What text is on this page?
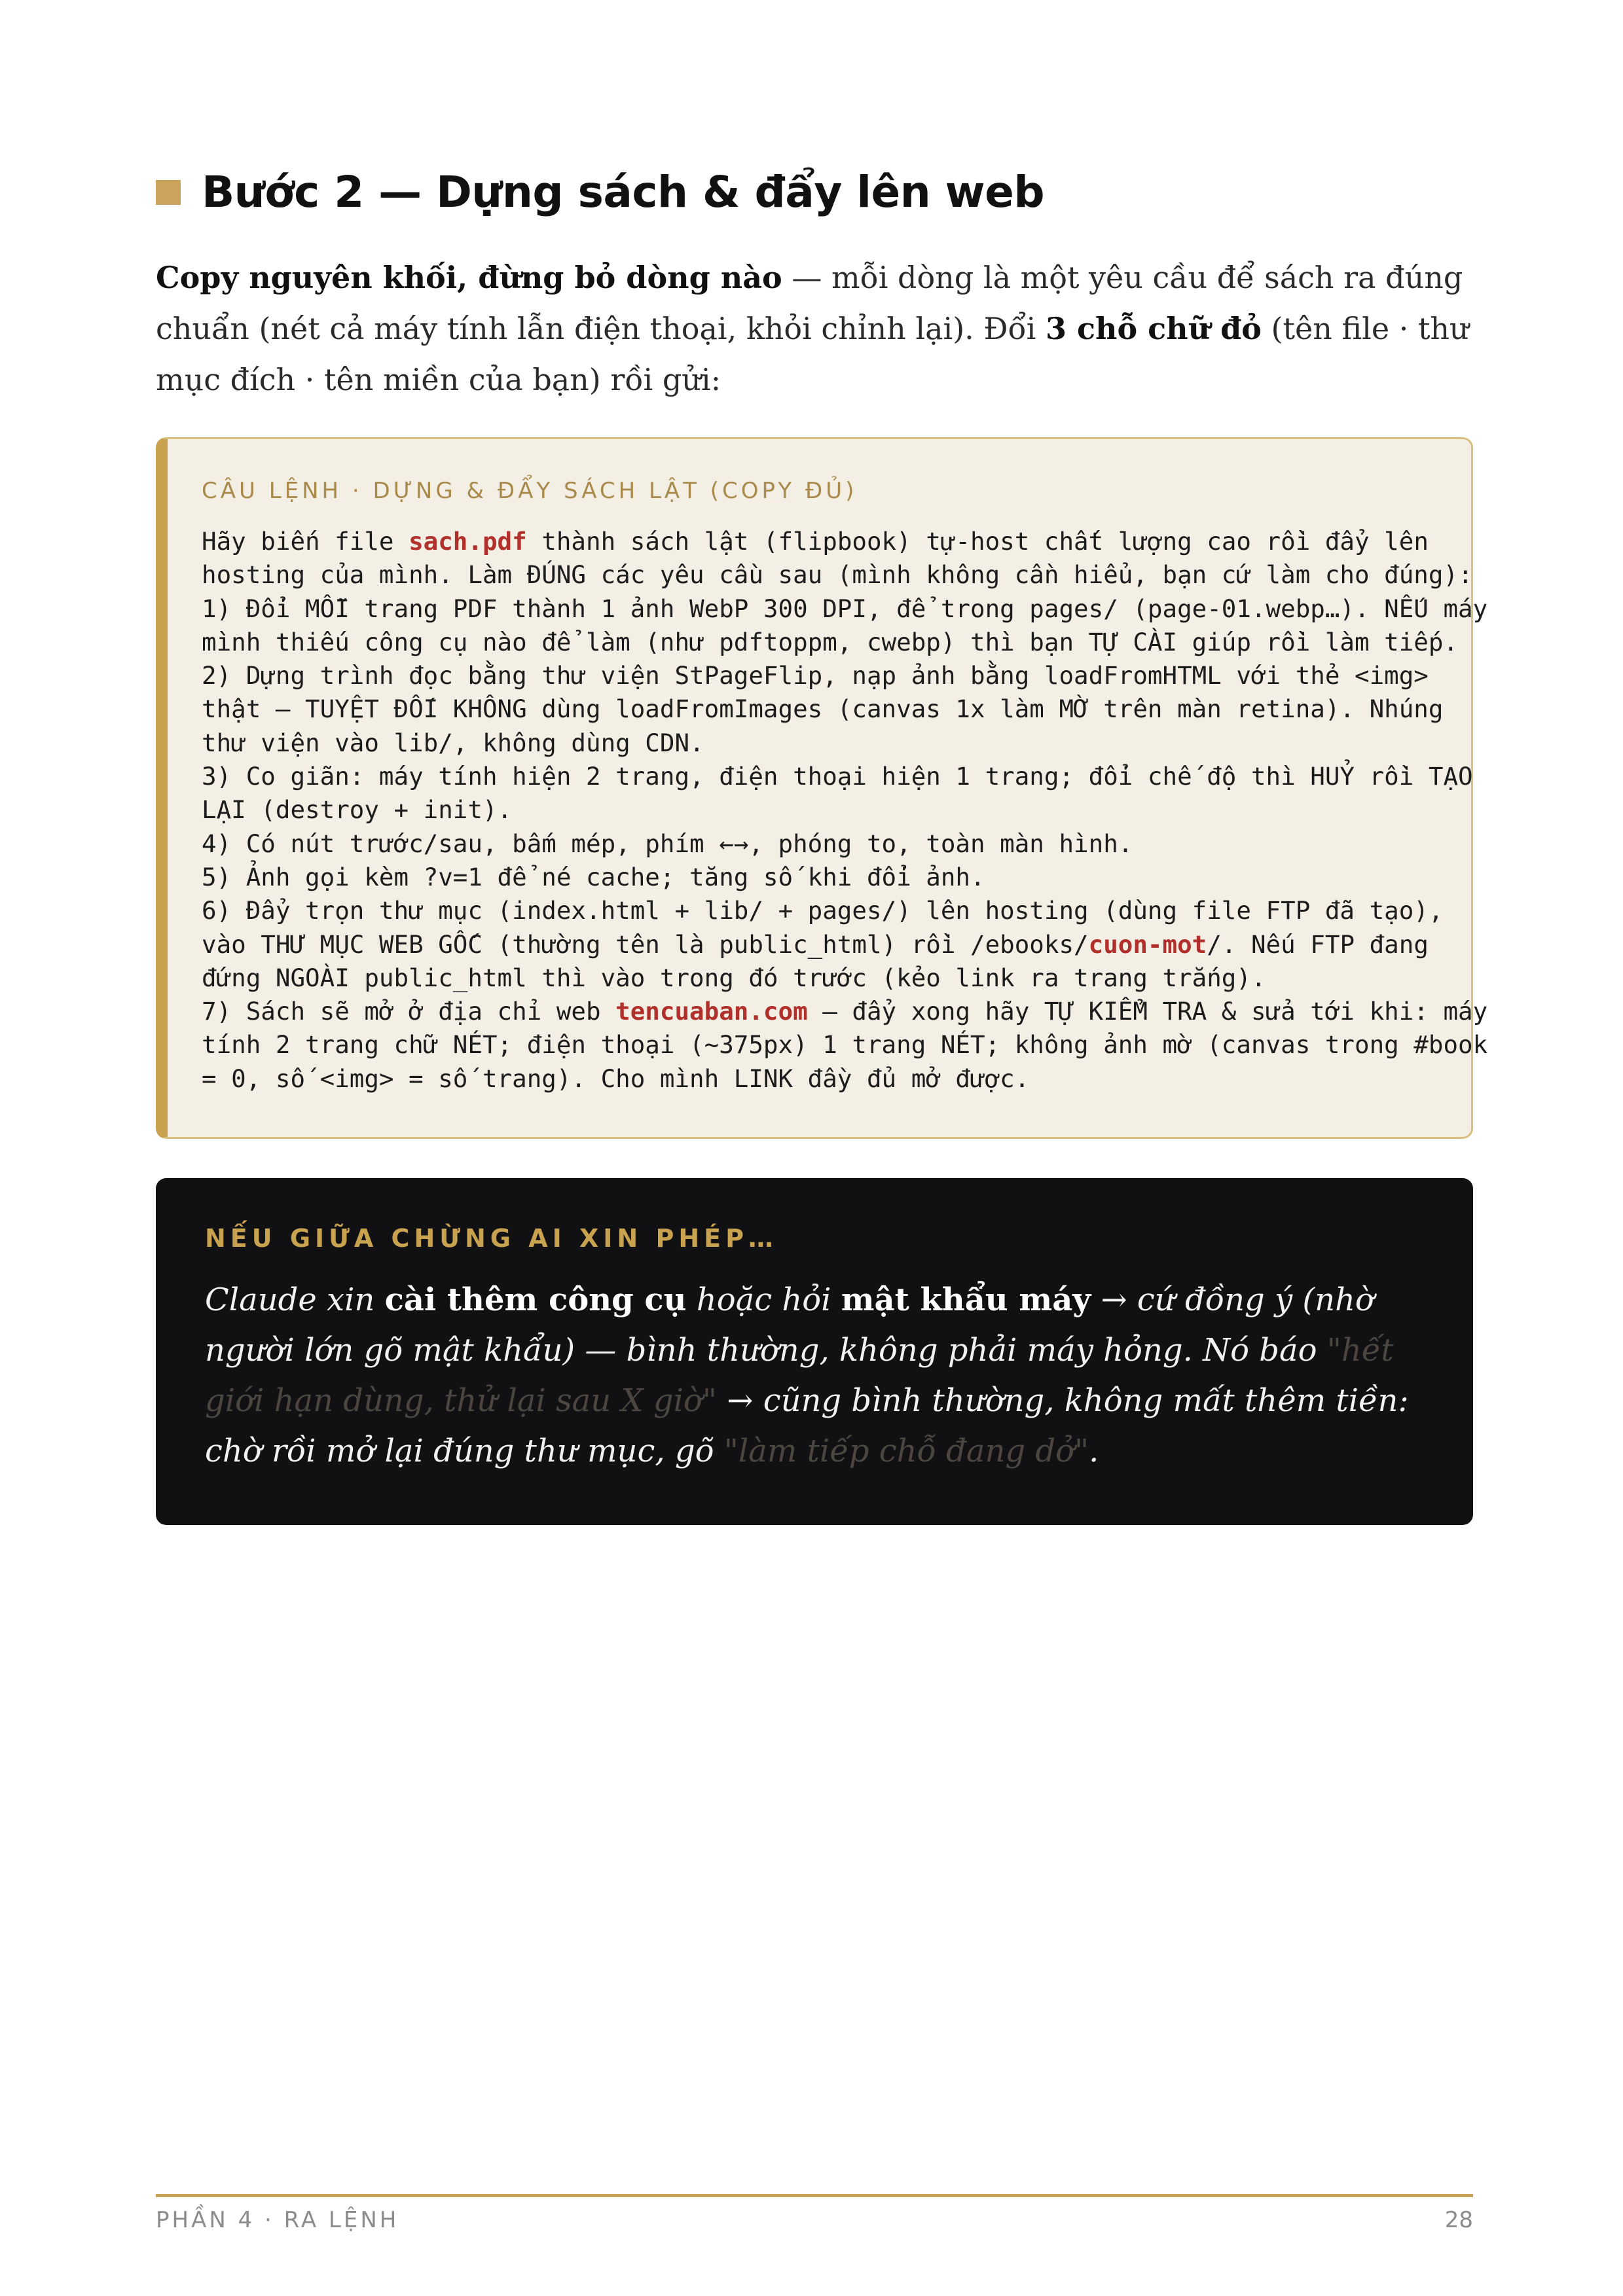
Bước 2 — Dựng sách & đẩy lên web

Copy nguyên khối, đừng bỏ dòng nào — mỗi dòng là một yêu cầu để sách ra đúng chuẩn (nét cả máy tính lẫn điện thoại, khỏi chỉnh lại). Đổi 3 chỗ chữ đỏ (tên file · thư mục đích · tên miền của bạn) rồi gửi:

CÂU LỆNH · DỰNG & ĐẨY SÁCH LẬT (COPY ĐỦ)
Hãy biến file sach.pdf thành sách lật (flipbook) tự-host chất lượng cao rồi đẩy lên
hosting của mình. Làm ĐÚNG các yêu cầu sau (mình không cần hiểu, bạn cứ làm cho đúng):
1) Đổi MỖI trang PDF thành 1 ảnh WebP 300 DPI, để trong pages/ (page-01.webp…). NẾU máy
mình thiếu công cụ nào để làm (như pdftoppm, cwebp) thì bạn TỰ CÀI giúp rồi làm tiếp.
2) Dựng trình đọc bằng thư viện StPageFlip, nạp ảnh bằng loadFromHTML với thẻ <img>
thật — TUYỆT ĐỐI KHÔNG dùng loadFromImages (canvas 1x làm MỜ trên màn retina). Nhúng
thư viện vào lib/, không dùng CDN.
3) Co giãn: máy tính hiện 2 trang, điện thoại hiện 1 trang; đổi chế độ thì HUỶ rồi TẠO
LẠI (destroy + init).
4) Có nút trước/sau, bấm mép, phím ←→, phóng to, toàn màn hình.
5) Ảnh gọi kèm ?v=1 để né cache; tăng số khi đổi ảnh.
6) Đẩy trọn thư mục (index.html + lib/ + pages/) lên hosting (dùng file FTP đã tạo),
vào THƯ MỤC WEB GỐC (thường tên là public_html) rồi /ebooks/cuon-mot/. Nếu FTP đang
đứng NGOÀI public_html thì vào trong đó trước (kẻo link ra trang trắng).
7) Sách sẽ mở ở địa chỉ web tencuaban.com — đẩy xong hãy TỰ KIỂM TRA & sửa tới khi: máy
tính 2 trang chữ NÉT; điện thoại (~375px) 1 trang NÉT; không ảnh mờ (canvas trong #book
= 0, số <img> = số trang). Cho mình LINK đầy đủ mở được.
NẾU GIỮA CHỪNG AI XIN PHÉP…

Claude xin cài thêm công cụ hoặc hỏi mật khẩu máy → cứ đồng ý (nhờ người lớn gõ mật khẩu) — bình thường, không phải máy hỏng. Nó báo "hết giới hạn dùng, thử lại sau X giờ" → cũng bình thường, không mất thêm tiền: chờ rồi mở lại đúng thư mục, gõ "làm tiếp chỗ đang dở".

PHẦN 4 · RA LỆNH	28
